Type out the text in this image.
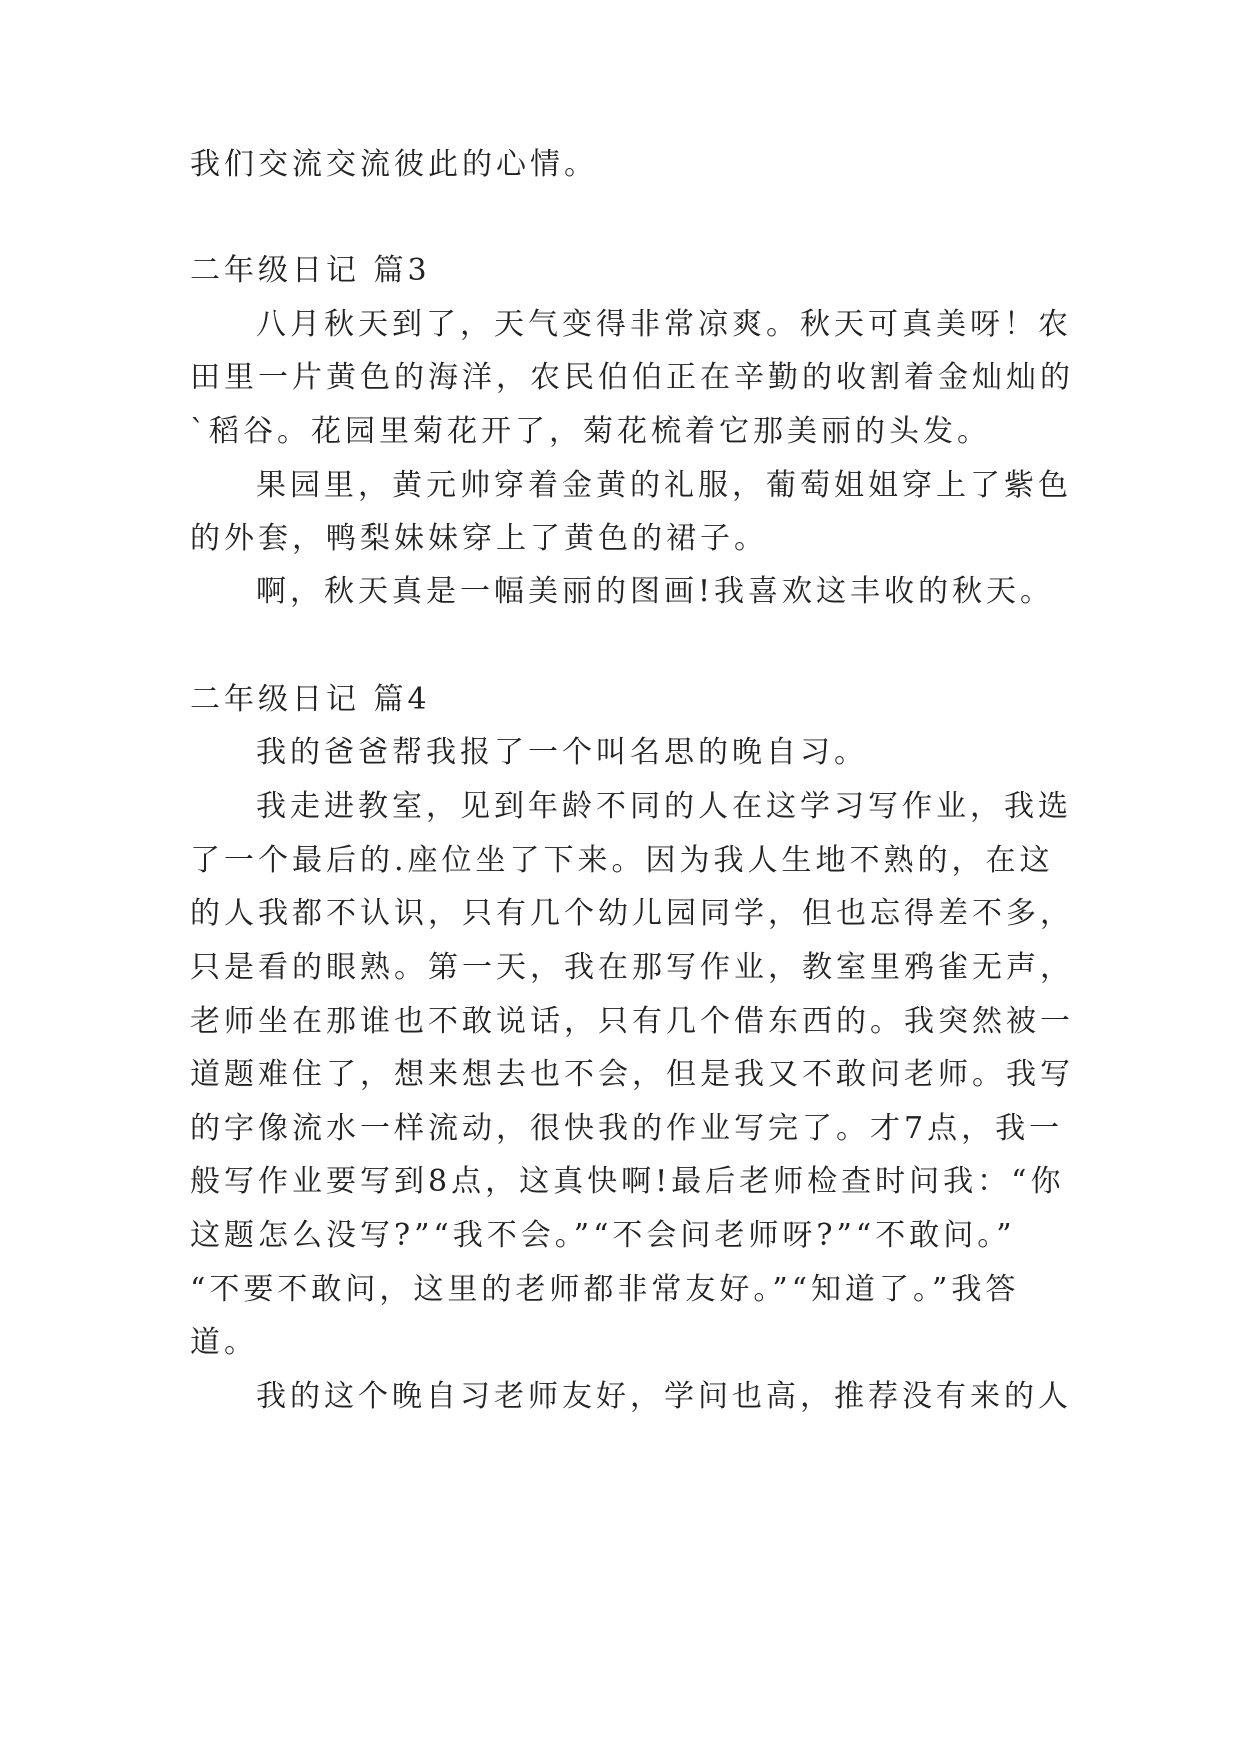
我们交流交流彼此的心情。
二年级日记 篇3
八月秋天到了，天气变得非常凉爽。秋天可真美呀！农
田里一片黄色的海洋，农民伯伯正在辛勤的收割着金灿灿的
`稻谷。花园里菊花开了，菊花梳着它那美丽的头发。
果园里，黄元帅穿着金黄的礼服，葡萄姐姐穿上了紫色
的外套，鸭梨妹妹穿上了黄色的裙子。
啊，秋天真是一幅美丽的图画!我喜欢这丰收的秋天。
二年级日记 篇4
我的爸爸帮我报了一个叫名思的晚自习。
我走进教室，见到年龄不同的人在这学习写作业，我选
了一个最后的.座位坐了下来。因为我人生地不熟的，在这
的人我都不认识，只有几个幼儿园同学，但也忘得差不多，
只是看的眼熟。第一天，我在那写作业，教室里鸦雀无声，
老师坐在那谁也不敢说话，只有几个借东西的。我突然被一
道题难住了，想来想去也不会，但是我又不敢问老师。我写
的字像流水一样流动，很快我的作业写完了。才7点，我一
般写作业要写到8点，这真快啊!最后老师检查时问我：“你
这题怎么没写?”“我不会。”“不会问老师呀?”“不敢问。”
“不要不敢问，这里的老师都非常友好。”“知道了。”我答
道。
我的这个晚自习老师友好，学问也高，推荐没有来的人
